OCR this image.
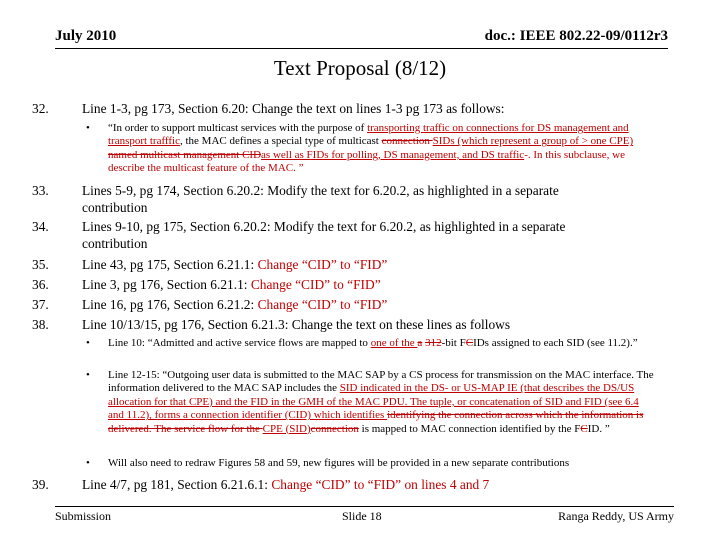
July 2010	doc.: IEEE 802.22-09/0112r3
Text Proposal (8/12)
32. Line 1-3, pg 173, Section 6.20: Change the text on lines 1-3 pg 173 as follows:
• “In order to support multicast services with the purpose of transporting traffic on connections for DS management and transport trafffic, the MAC defines a special type of multicast connection SIDs (which represent a group of > one CPE) named multicast management CIDas well as FIDs for polling, DS management, and DS traffic-. In this subclause, we describe the multicast feature of the MAC. ”
33. Lines 5-9, pg 174, Section 6.20.2: Modify the text for 6.20.2, as highlighted in a separate
contribution
34. Lines 9-10, pg 175, Section 6.20.2: Modify the text for 6.20.2, as highlighted in a separate
contribution
35. Line 43, pg 175, Section 6.21.1: Change “CID” to “FID”
36. Line 3, pg 176, Section 6.21.1: Change “CID” to “FID”
37. Line 16, pg 176, Section 6.21.2: Change “CID” to “FID”
38. Line 10/13/15, pg 176, Section 6.21.3: Change the text on these lines as follows
• Line 10: “Admitted and active service flows are mapped to one of the a 312-bit FCIDs assigned to each SID (see 11.2).”
• Line 12-15: “Outgoing user data is submitted to the MAC SAP by a CS process for transmission on the MAC interface. The information delivered to the MAC SAP includes the SID indicated in the DS- or US-MAP IE (that describes the DS/US allocation for that CPE) and the FID in the GMH of the MAC PDU. The tuple, or concatenation of SID and FID (see 6.4 and 11.2), forms a connection identifier (CID) which identifies identifying the connection across which the information is delivered. The service flow for the CPE (SID)connection is mapped to MAC connection identified by the FCID. ”
• Will also need to redraw Figures 58 and 59, new figures will be provided in a new separate contributions
39. Line 4/7, pg 181, Section 6.21.6.1: Change “CID” to “FID” on lines 4 and 7
Submission	Slide 18	Ranga Reddy, US Army
